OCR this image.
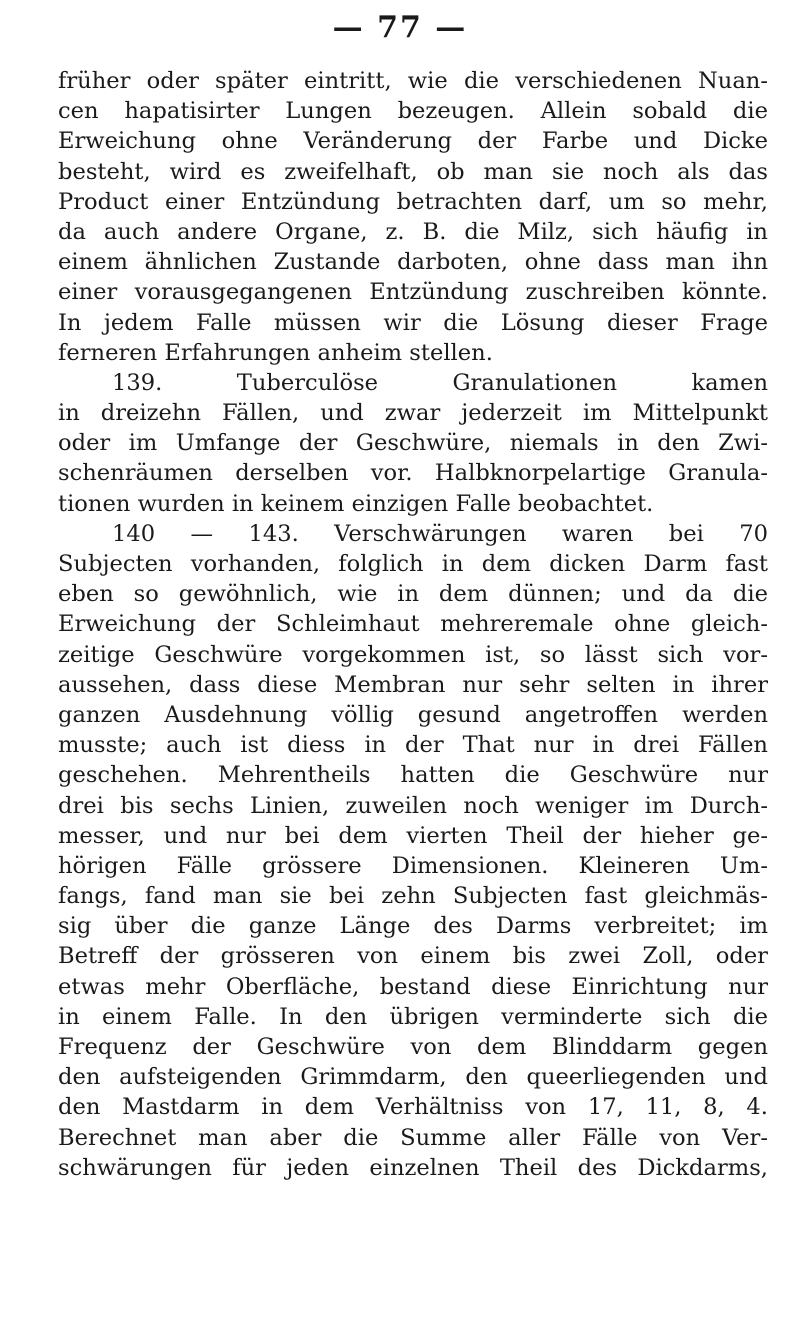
— 77 —
früher oder später eintritt, wie die verschiedenen Nuan-
cen hapatisirter Lungen bezeugen. Allein sobald die
Erweichung ohne Veränderung der Farbe und Dicke
besteht, wird es zweifelhaft, ob man sie noch als das
Product einer Entzündung betrachten darf, um so mehr,
da auch andere Organe, z. B. die Milz, sich häufig in
einem ähnlichen Zustande darboten, ohne dass man ihn
einer vorausgegangenen Entzündung zuschreiben könnte.
In jedem Falle müssen wir die Lösung dieser Frage
ferneren Erfahrungen anheim stellen.
139. Tuberculöse Granulationen kamen
in dreizehn Fällen, und zwar jederzeit im Mittelpunkt
oder im Umfange der Geschwüre, niemals in den Zwi-
schenräumen derselben vor. Halbknorpelartige Granula-
tionen wurden in keinem einzigen Falle beobachtet.
140 — 143. Verschwärungen waren bei 70
Subjecten vorhanden, folglich in dem dicken Darm fast
eben so gewöhnlich, wie in dem dünnen; und da die
Erweichung der Schleimhaut mehreremale ohne gleich-
zeitige Geschwüre vorgekommen ist, so lässt sich vor-
aussehen, dass diese Membran nur sehr selten in ihrer
ganzen Ausdehnung völlig gesund angetroffen werden
musste; auch ist diess in der That nur in drei Fällen
geschehen. Mehrentheils hatten die Geschwüre nur
drei bis sechs Linien, zuweilen noch weniger im Durch-
messer, und nur bei dem vierten Theil der hieher ge-
hörigen Fälle grössere Dimensionen. Kleineren Um-
fangs, fand man sie bei zehn Subjecten fast gleichmäs-
sig über die ganze Länge des Darms verbreitet; im
Betreff der grösseren von einem bis zwei Zoll, oder
etwas mehr Oberfläche, bestand diese Einrichtung nur
in einem Falle. In den übrigen verminderte sich die
Frequenz der Geschwüre von dem Blinddarm gegen
den aufsteigenden Grimmdarm, den queerliegenden und
den Mastdarm in dem Verhältniss von 17, 11, 8, 4.
Berechnet man aber die Summe aller Fälle von Ver-
schwärungen für jeden einzelnen Theil des Dickdarms,
